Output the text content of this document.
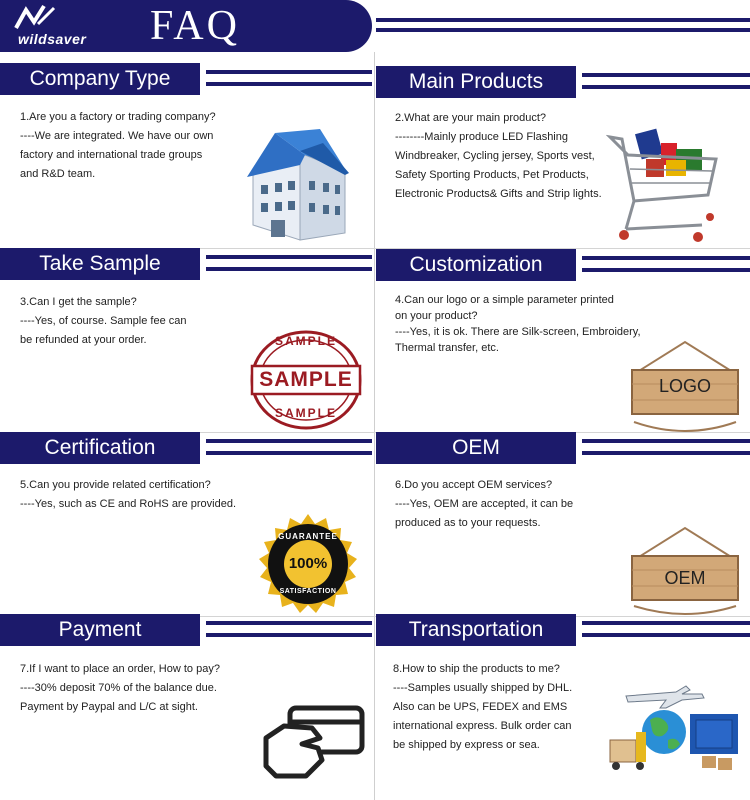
wildsaver FAQ
Company Type	Main Products
Take Sample	Customization
Certification	OEM
Payment	Transportation
1.Are you a factory or trading company?
----We are integrated. We have our own
factory and international trade groups
and R&D team.
2.What are your main product?
--------Mainly produce LED Flashing
Windbreaker, Cycling jersey, Sports vest,
Safety Sporting Products, Pet Products,
Electronic Products& Gifts and Strip lights.
3.Can I get the sample?
----Yes, of course. Sample fee can
be refunded at your order.
4.Can our logo or a simple parameter printed
on your product?
----Yes, it is ok. There are Silk-screen, Embroidery,
Thermal transfer, etc.
5.Can you provide related certification?
----Yes, such as CE and RoHS are provided.
6.Do you accept OEM services?
----Yes, OEM are accepted, it can be
produced as to your requests.
7.If I want to place an order, How to pay?
----30% deposit 70% of the balance due.
Payment by Paypal and L/C at sight.
8.How to ship the products to me?
----Samples usually shipped by DHL.
Also can be UPS, FEDEX and EMS
international express. Bulk order can
be shipped by express or sea.
SAMPLE
SAMPLE
SAMPLE
LOGO
GUARANTEE
100%
SATISFACTION
OEM
